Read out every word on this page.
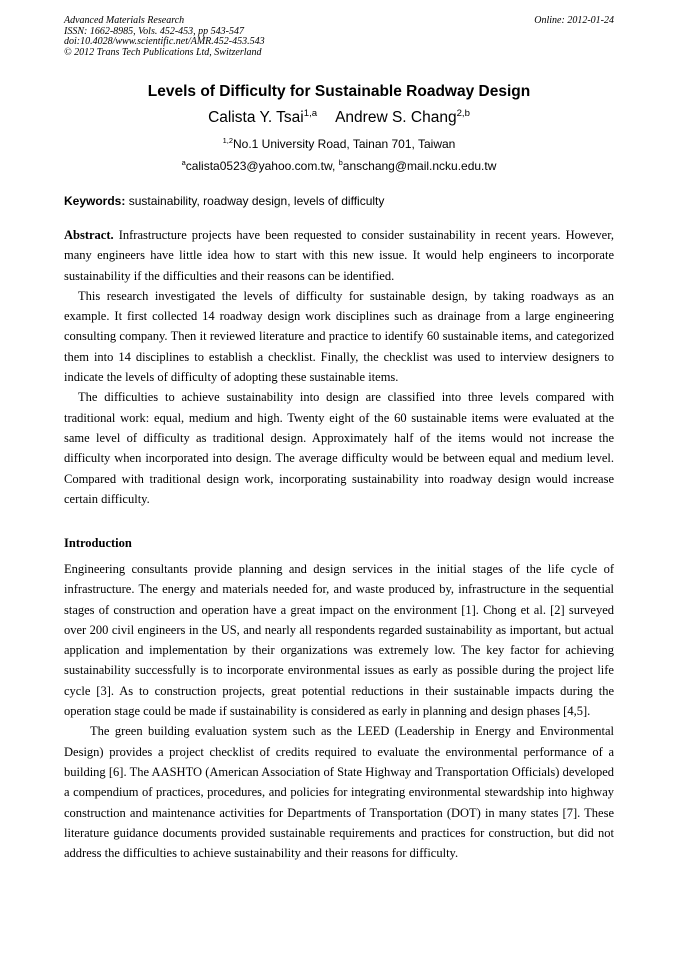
Advanced Materials Research
ISSN: 1662-8985, Vols. 452-453, pp 543-547
doi:10.4028/www.scientific.net/AMR.452-453.543
© 2012 Trans Tech Publications Ltd, Switzerland
Online: 2012-01-24
Levels of Difficulty for Sustainable Roadway Design
Calista Y. Tsai$^{1,a}$ Andrew S. Chang$^{2,b}$
$^{1,2}$No.1 University Road, Tainan 701, Taiwan
$^a$calista0523@yahoo.com.tw, $^b$anschang@mail.ncku.edu.tw
Keywords: sustainability, roadway design, levels of difficulty

Abstract. Infrastructure projects have been requested to consider sustainability in recent years. However, many engineers have little idea how to start with this new issue. It would help engineers to incorporate sustainability if the difficulties and their reasons can be identified.

This research investigated the levels of difficulty for sustainable design, by taking roadways as an example. It first collected 14 roadway design work disciplines such as drainage from a large engineering consulting company. Then it reviewed literature and practice to identify 60 sustainable items, and categorized them into 14 disciplines to establish a checklist. Finally, the checklist was used to interview designers to indicate the levels of difficulty of adopting these sustainable items.

The difficulties to achieve sustainability into design are classified into three levels compared with traditional work: equal, medium and high. Twenty eight of the 60 sustainable items were evaluated at the same level of difficulty as traditional design. Approximately half of the items would not increase the difficulty when incorporated into design. The average difficulty would be between equal and medium level. Compared with traditional design work, incorporating sustainability into roadway design would increase certain difficulty.

Introduction

Engineering consultants provide planning and design services in the initial stages of the life cycle of infrastructure. The energy and materials needed for, and waste produced by, infrastructure in the sequential stages of construction and operation have a great impact on the environment [1]. Chong et al. [2] surveyed over 200 civil engineers in the US, and nearly all respondents regarded sustainability as important, but actual application and implementation by their organizations was extremely low. The key factor for achieving sustainability successfully is to incorporate environmental issues as early as possible during the project life cycle [3]. As to construction projects, great potential reductions in their sustainable impacts during the operation stage could be made if sustainability is considered as early in planning and design phases [4,5].

The green building evaluation system such as the LEED (Leadership in Energy and Environmental Design) provides a project checklist of credits required to evaluate the environmental performance of a building [6]. The AASHTO (American Association of State Highway and Transportation Officials) developed a compendium of practices, procedures, and policies for integrating environmental stewardship into highway construction and maintenance activities for Departments of Transportation (DOT) in many states [7]. These literature guidance documents provided sustainable requirements and practices for construction, but did not address the difficulties to achieve sustainability and their reasons for difficulty.
